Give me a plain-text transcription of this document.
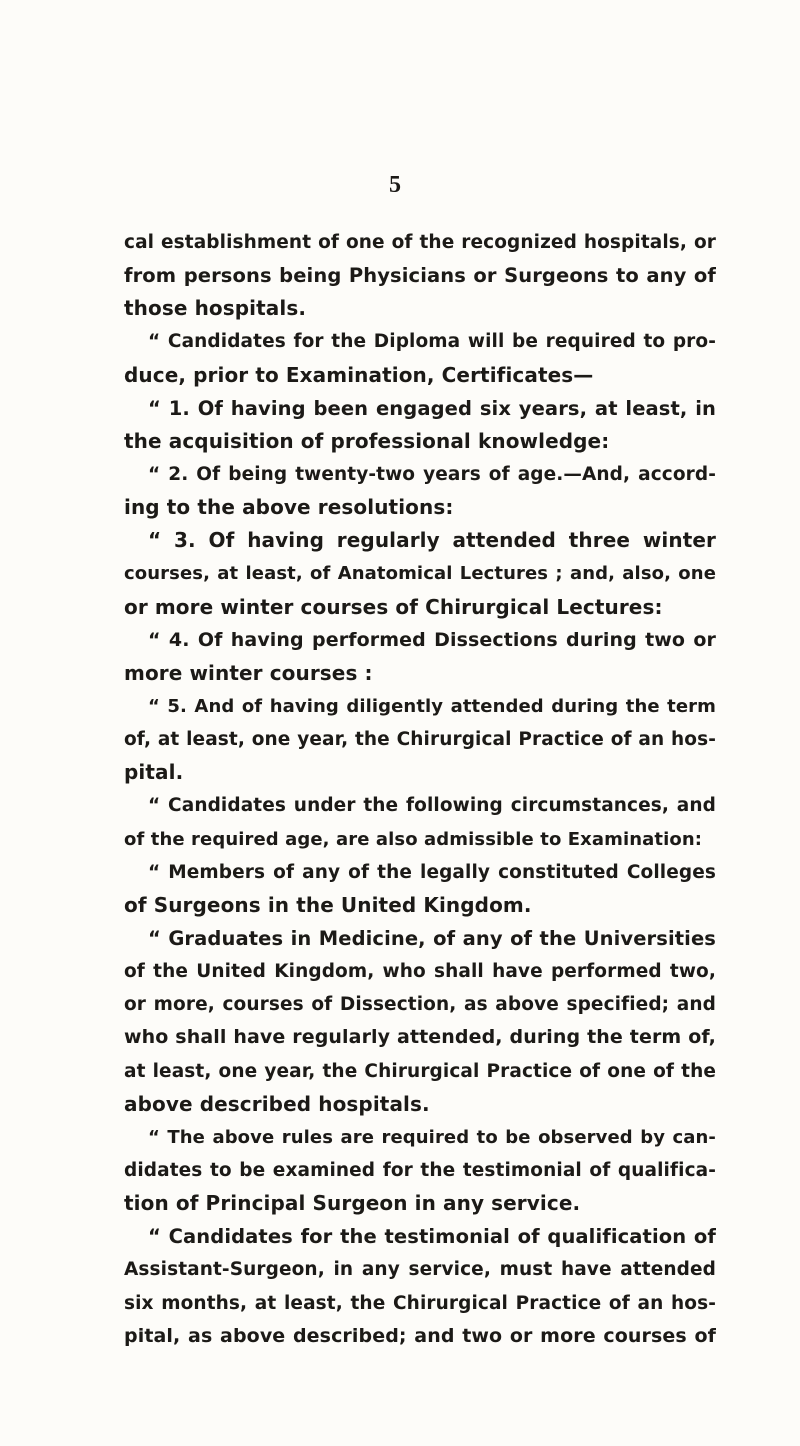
5
cal establishment of one of the recognized hospitals, or
from persons being Physicians or Surgeons to any of
those hospitals.
“ Candidates for the Diploma will be required to pro-
duce, prior to Examination, Certificates—
“ 1. Of having been engaged six years, at least, in
the acquisition of professional knowledge:
“ 2. Of being twenty-two years of age.—And, accord-
ing to the above resolutions:
“ 3. Of having regularly attended three winter
courses, at least, of Anatomical Lectures ; and, also, one
or more winter courses of Chirurgical Lectures:
“ 4. Of having performed Dissections during two or
more winter courses :
“ 5. And of having diligently attended during the term
of, at least, one year, the Chirurgical Practice of an hos-
pital.
“ Candidates under the following circumstances, and
of the required age, are also admissible to Examination:
“ Members of any of the legally constituted Colleges
of Surgeons in the United Kingdom.
“ Graduates in Medicine, of any of the Universities
of the United Kingdom, who shall have performed two,
or more, courses of Dissection, as above specified; and
who shall have regularly attended, during the term of,
at least, one year, the Chirurgical Practice of one of the
above described hospitals.
“ The above rules are required to be observed by can-
didates to be examined for the testimonial of qualifica-
tion of Principal Surgeon in any service.
“ Candidates for the testimonial of qualification of
Assistant-Surgeon, in any service, must have attended
six months, at least, the Chirurgical Practice of an hos-
pital, as above described; and two or more courses of
